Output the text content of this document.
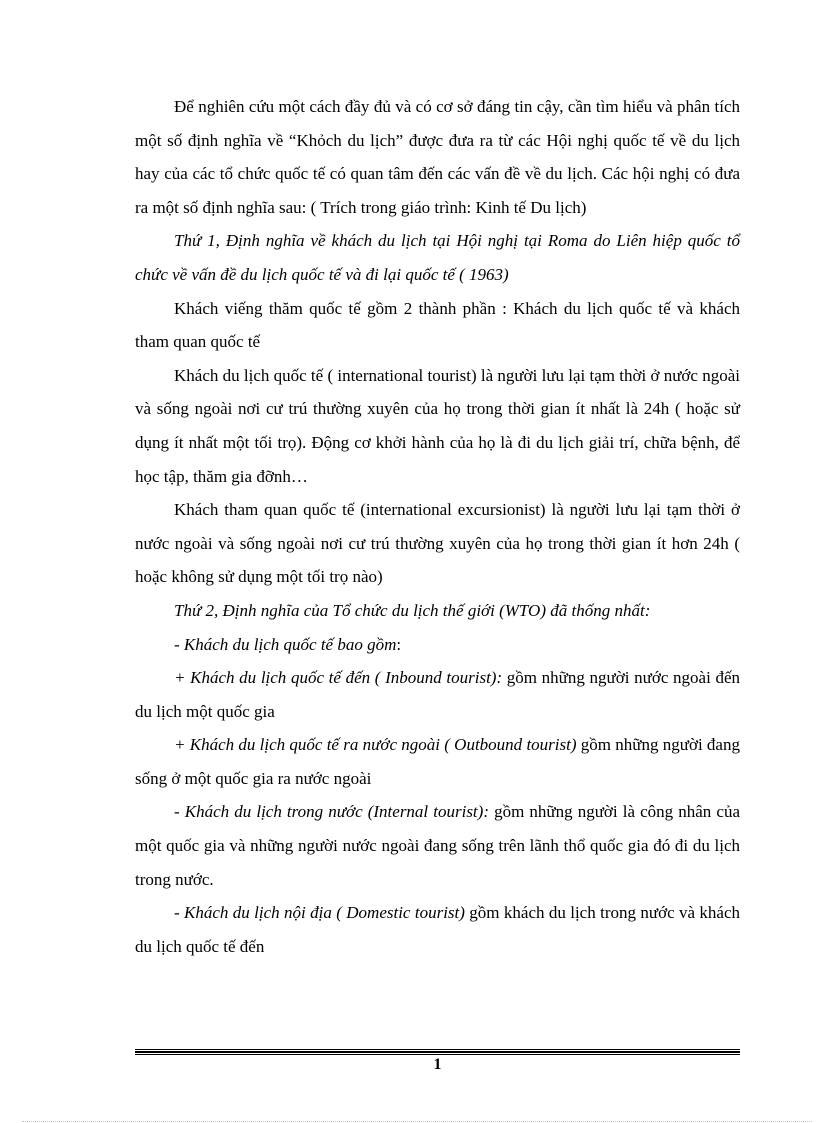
Để nghiên cứu một cách đầy đủ và có cơ sở đáng tin cậy, cần tìm hiểu và phân tích một số định nghĩa về “Khỏch du lịch” được đưa ra từ các Hội nghị quốc tế về du lịch hay của các tổ chức quốc tế có quan tâm đến các vấn đề về du lịch. Các hội nghị có đưa ra một số định nghĩa sau: ( Trích trong giáo trình: Kinh tế Du lịch)

Thứ 1, Định nghĩa về khách du lịch tại Hội nghị tại Roma do Liên hiệp quốc tổ chức về vấn đề du lịch quốc tế và đi lại quốc tế ( 1963)

Khách viếng thăm quốc tế gồm 2 thành phần : Khách du lịch quốc tế và khách tham quan quốc tế

Khách du lịch quốc tế ( international tourist) là người lưu lại tạm thời ở nước ngoài và sống ngoài nơi cư trú thường xuyên của họ trong thời gian ít nhất là 24h ( hoặc sử dụng ít nhất một tối trọ). Động cơ khởi hành của họ là đi du lịch giải trí, chữa bệnh, để học tập, thăm gia đỡnh…

Khách tham quan quốc tế (international excursionist) là người lưu lại tạm thời ở nước ngoài và sống ngoài nơi cư trú thường xuyên của họ trong thời gian ít hơn 24h ( hoặc không sử dụng một tối trọ nào)

Thứ 2, Định nghĩa của Tổ chức du lịch thế giới (WTO) đã thống nhất:

- Khách du lịch quốc tế bao gồm:

+ Khách du lịch quốc tế đến ( Inbound tourist): gồm những người nước ngoài đến du lịch một quốc gia

+ Khách du lịch quốc tế ra nước ngoài ( Outbound tourist) gồm những người đang sống ở một quốc gia ra nước ngoài

- Khách du lịch trong nước (Internal tourist): gồm những người là công nhân của một quốc gia và những người nước ngoài đang sống trên lãnh thổ quốc gia đó đi du lịch trong nước.

- Khách du lịch nội địa ( Domestic tourist) gồm khách du lịch trong nước và khách du lịch quốc tế đến

1
